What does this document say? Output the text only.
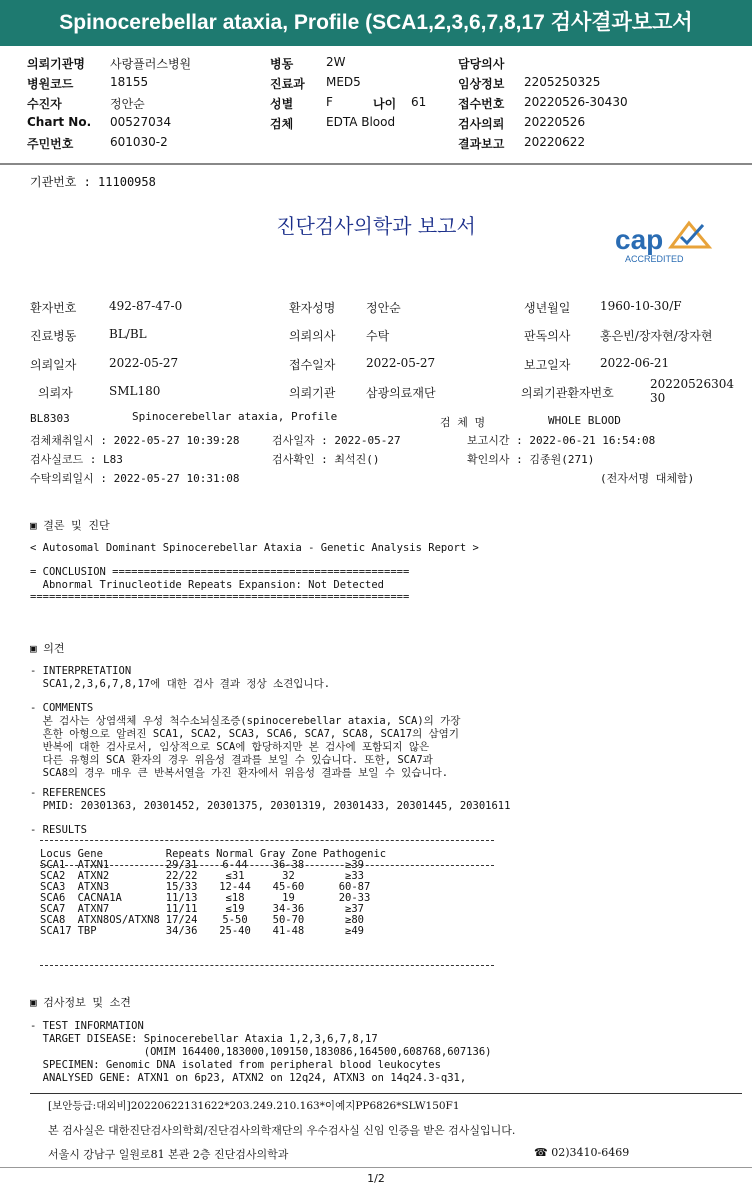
Spinocerebellar ataxia, Profile (SCA1,2,3,6,7,8,17 검사결과보고서
의뢰기관명 사랑플러스병원
병원코드	18155
수진자	정안순
Chart No. 00527034
주민번호	601030-2
병동	2W
진료과 MED5
성별	F	나이 61
검체	EDTA Blood
담당의사
임상정보 2205250325
접수번호 20220526-30430
검사의뢰 20220526
결과보고 20220622
기관번호 : 11100958
진단검사의학과 보고서	cap
ACCREDITED
환자번호	492-87-47-0	환자성명	정안순	생년월일 1960-10-30/F
진료병동	BL/BL	의뢰의사	수탁	판독의사 홍은빈/장자현/장자현
의뢰일자	2022-05-27	접수일자	2022-05-27	보고일자 2022-06-21
의뢰자	SML180	의뢰기관	삼광의료재단	의뢰기관환자번호
2022052630430
BL8303	Spinocerebellar ataxia, Profile	검 체 명	WHOLE BLOOD
검체채취일시 : 2022-05-27 10:39:28	검사일자 : 2022-05-27	보고시간 : 2022-06-21 16:54:08
검사실코드 : L83	검사확인 : 최석진()	확인의사 : 김종원(271)
수탁의뢰일시 : 2022-05-27 10:31:08	(전자서명 대체함)
▣ 결론 및 진단
< Autosomal Dominant Spinocerebellar Ataxia - Genetic Analysis Report >
= CONCLUSION ===============================================
Abnormal Trinucleotide Repeats Expansion: Not Detected
============================================================
▣ 의견
- INTERPRETATION
SCA1,2,3,6,7,8,17에 대한 검사 결과 정상 소견입니다.
- COMMENTS
본 검사는 상염색체 우성 척수소뇌실조증(spinocerebellar ataxia, SCA)의 가장
흔한 아형으로 알려진 SCA1, SCA2, SCA3, SCA6, SCA7, SCA8, SCA17의 삼염기
반복에 대한 검사로서, 임상적으로 SCA에 합당하지만 본 검사에 포함되지 않은
다른 유형의 SCA 환자의 경우 위음성 결과를 보일 수 있습니다. 또한, SCA7과
SCA8의 경우 매우 큰 반복서열을 가진 환자에서 위음성 결과를 보일 수 있습니다.
- REFERENCES
PMID: 20301363, 20301452, 20301375, 20301319, 20301433, 20301445, 20301611
- RESULTS
Locus	Gene	Repeats	Normal	Gray Zone	Pathogenic
SCA1	ATXN1	29/31	6-44	36-38	≥39
SCA2	ATXN2	22/22	≤31	32	≥33
SCA3	ATXN3	15/33	12-44	45-60	60-87
SCA6	CACNA1A	11/13	≤18	19	20-33
SCA7	ATXN7	11/11	≤19	34-36	≥37
SCA8	ATXN8OS/ATXN8	17/24	5-50	50-70	≥80
SCA17	TBP	34/36	25-40	41-48	≥49
▣ 검사정보 및 소견
- TEST INFORMATION
TARGET DISEASE: Spinocerebellar Ataxia 1,2,3,6,7,8,17
(OMIM 164400,183000,109150,183086,164500,608768,607136)
SPECIMEN: Genomic DNA isolated from peripheral blood leukocytes
ANALYSED GENE: ATXN1 on 6p23, ATXN2 on 12q24, ATXN3 on 14q24.3-q31,
[보안등급:대외비]20220622131622*203.249.210.163*이예지PP6826*SLW150F1
본 검사실은 대한진단검사의학회/진단검사의학재단의 우수검사실 신임 인증을 받은 검사실입니다.
서울시 강남구 일원로81 본관 2층 진단검사의학과	☎ 02)3410-6469
1/2
